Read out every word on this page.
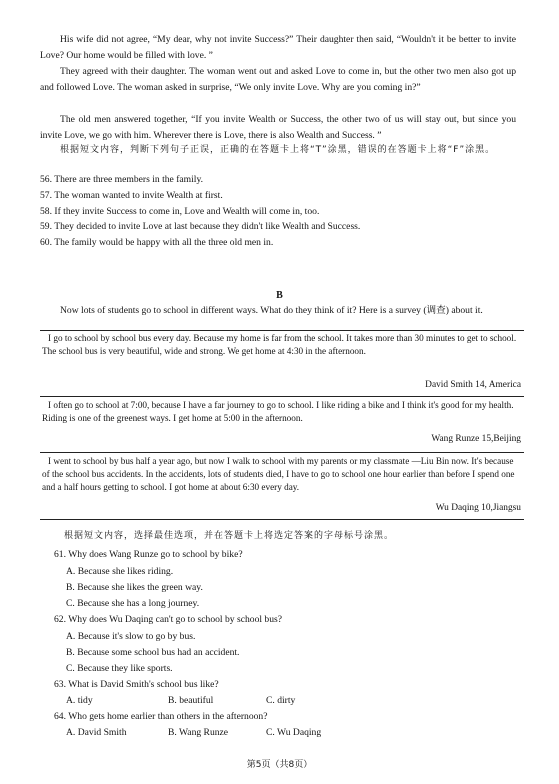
His wife did not agree, “My dear, why not invite Success?” Their daughter then said, “Wouldn't it be better to invite Love? Our home would be filled with love. ”
They agreed with their daughter. The woman went out and asked Love to come in, but the other two men also got up and followed Love. The woman asked in surprise, “We only invite Love. Why are you coming in?”
The old men answered together, “If you invite Wealth or Success, the other two of us will stay out, but since you invite Love, we go with him. Wherever there is Love, there is also Wealth and Success. ”
根据短文内容，判断下列句子正误，正确的在答题卡上将“T”涂黑，错误的在答题卡上将“F”涂黑。
56. There are three members in the family.
57. The woman wanted to invite Wealth at first.
58. If they invite Success to come in, Love and Wealth will come in, too.
59. They decided to invite Love at last because they didn't like Wealth and Success.
60. The family would be happy with all the three old men in.
B
Now lots of students go to school in different ways. What do they think of it? Here is a survey (调查) about it.
I go to school by school bus every day. Because my home is far from the school. It takes more than 30 minutes to get to school. The school bus is very beautiful, wide and strong. We get home at 4:30 in the afternoon.
David Smith 14, America
I often go to school at 7:00, because I have a far journey to go to school. I like riding a bike and I think it's good for my health. Riding is one of the greenest ways. I get home at 5:00 in the afternoon.
Wang Runze 15,Beijing
I went to school by bus half a year ago, but now I walk to school with my parents or my classmate —Liu Bin now. It's because of the school bus accidents. In the accidents, lots of students died, I have to go to school one hour earlier than before I spend one and a half hours getting to school. I got home at about 6:30 every day.
Wu Daqing 10,Jiangsu
根据短文内容，选择最佳选项，并在答题卡上将选定答案的字母标号涂黑。
61. Why does Wang Runze go to school by bike?
A. Because she likes riding.
B. Because she likes the green way.
C. Because she has a long journey.
62. Why does Wu Daqing can't go to school by school bus?
A. Because it's slow to go by bus.
B. Because some school bus had an accident.
C. Because they like sports.
63. What is David Smith's school bus like?
A. tidy	B. beautiful	C. dirty
64. Who gets home earlier than others in the afternoon?
A. David Smith	B. Wang Runze	C. Wu Daqing
第5页（共8页）
